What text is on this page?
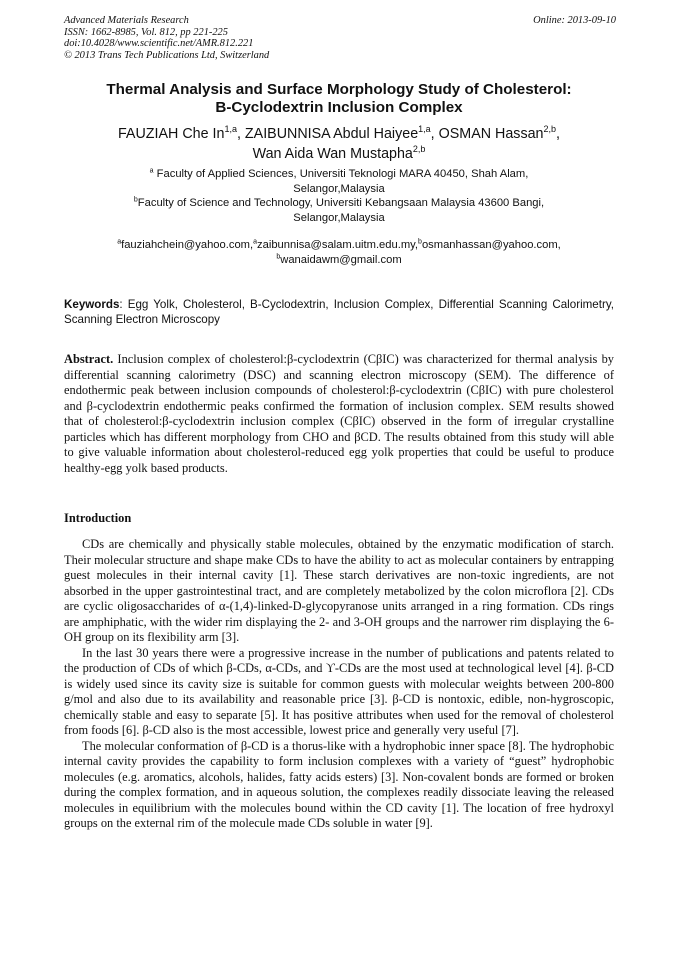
Advanced Materials Research
ISSN: 1662-8985, Vol. 812, pp 221-225
doi:10.4028/www.scientific.net/AMR.812.221
© 2013 Trans Tech Publications Ltd, Switzerland
Online: 2013-09-10
Thermal Analysis and Surface Morphology Study of Cholesterol:
B-Cyclodextrin Inclusion Complex
FAUZIAH Che In$^{1,a}$, ZAIBUNNISA Abdul Haiyee$^{1,a}$, OSMAN Hassan$^{2,b}$,
Wan Aida Wan Mustapha$^{2,b}$
$^a$ Faculty of Applied Sciences, Universiti Teknologi MARA 40450, Shah Alam,
Selangor,Malaysia
$^b$Faculty of Science and Technology, Universiti Kebangsaan Malaysia 43600 Bangi,
Selangor,Malaysia
$^a$fauziahchein@yahoo.com,$^a$zaibunnisa@salam.uitm.edu.my,$^b$osmanhassan@yahoo.com,
$^b$wanaidawm@gmail.com
Keywords: Egg Yolk, Cholesterol, B-Cyclodextrin, Inclusion Complex, Differential Scanning Calorimetry, Scanning Electron Microscopy
Abstract. Inclusion complex of cholesterol:β-cyclodextrin (CβIC) was characterized for thermal analysis by differential scanning calorimetry (DSC) and scanning electron microscopy (SEM). The difference of endothermic peak between inclusion compounds of cholesterol:β-cyclodextrin (CβIC) with pure cholesterol and β-cyclodextrin endothermic peaks confirmed the formation of inclusion complex. SEM results showed that of cholesterol:β-cyclodextrin inclusion complex (CβIC) observed in the form of irregular crystalline particles which has different morphology from CHO and βCD. The results obtained from this study will able to give valuable information about cholesterol-reduced egg yolk properties that could be useful to produce healthy-egg yolk based products.
Introduction

CDs are chemically and physically stable molecules, obtained by the enzymatic modification of starch. Their molecular structure and shape make CDs to have the ability to act as molecular containers by entrapping guest molecules in their internal cavity [1]. These starch derivatives are non-toxic ingredients, are not absorbed in the upper gastrointestinal tract, and are completely metabolized by the colon microflora [2]. CDs are cyclic oligosaccharides of α-(1,4)-linked-D-glycopyranose units arranged in a ring formation. CDs rings are amphiphatic, with the wider rim displaying the 2- and 3-OH groups and the narrower rim displaying the 6-OH group on its flexibility arm [3].

In the last 30 years there were a progressive increase in the number of publications and patents related to the production of CDs of which β-CDs, α-CDs, and ϒ-CDs are the most used at technological level [4]. β-CD is widely used since its cavity size is suitable for common guests with molecular weights between 200-800 g/mol and also due to its availability and reasonable price [3]. β-CD is nontoxic, edible, non-hygroscopic, chemically stable and easy to separate [5]. It has positive attributes when used for the removal of cholesterol from foods [6]. β-CD also is the most accessible, lowest price and generally very useful [7].

The molecular conformation of β-CD is a thorus-like with a hydrophobic inner space [8]. The hydrophobic internal cavity provides the capability to form inclusion complexes with a variety of “guest” hydrophobic molecules (e.g. aromatics, alcohols, halides, fatty acids esters) [3]. Non-covalent bonds are formed or broken during the complex formation, and in aqueous solution, the complexes readily dissociate leaving the released molecules in equilibrium with the molecules bound within the CD cavity [1]. The location of free hydroxyl groups on the external rim of the molecule made CDs soluble in water [9].
